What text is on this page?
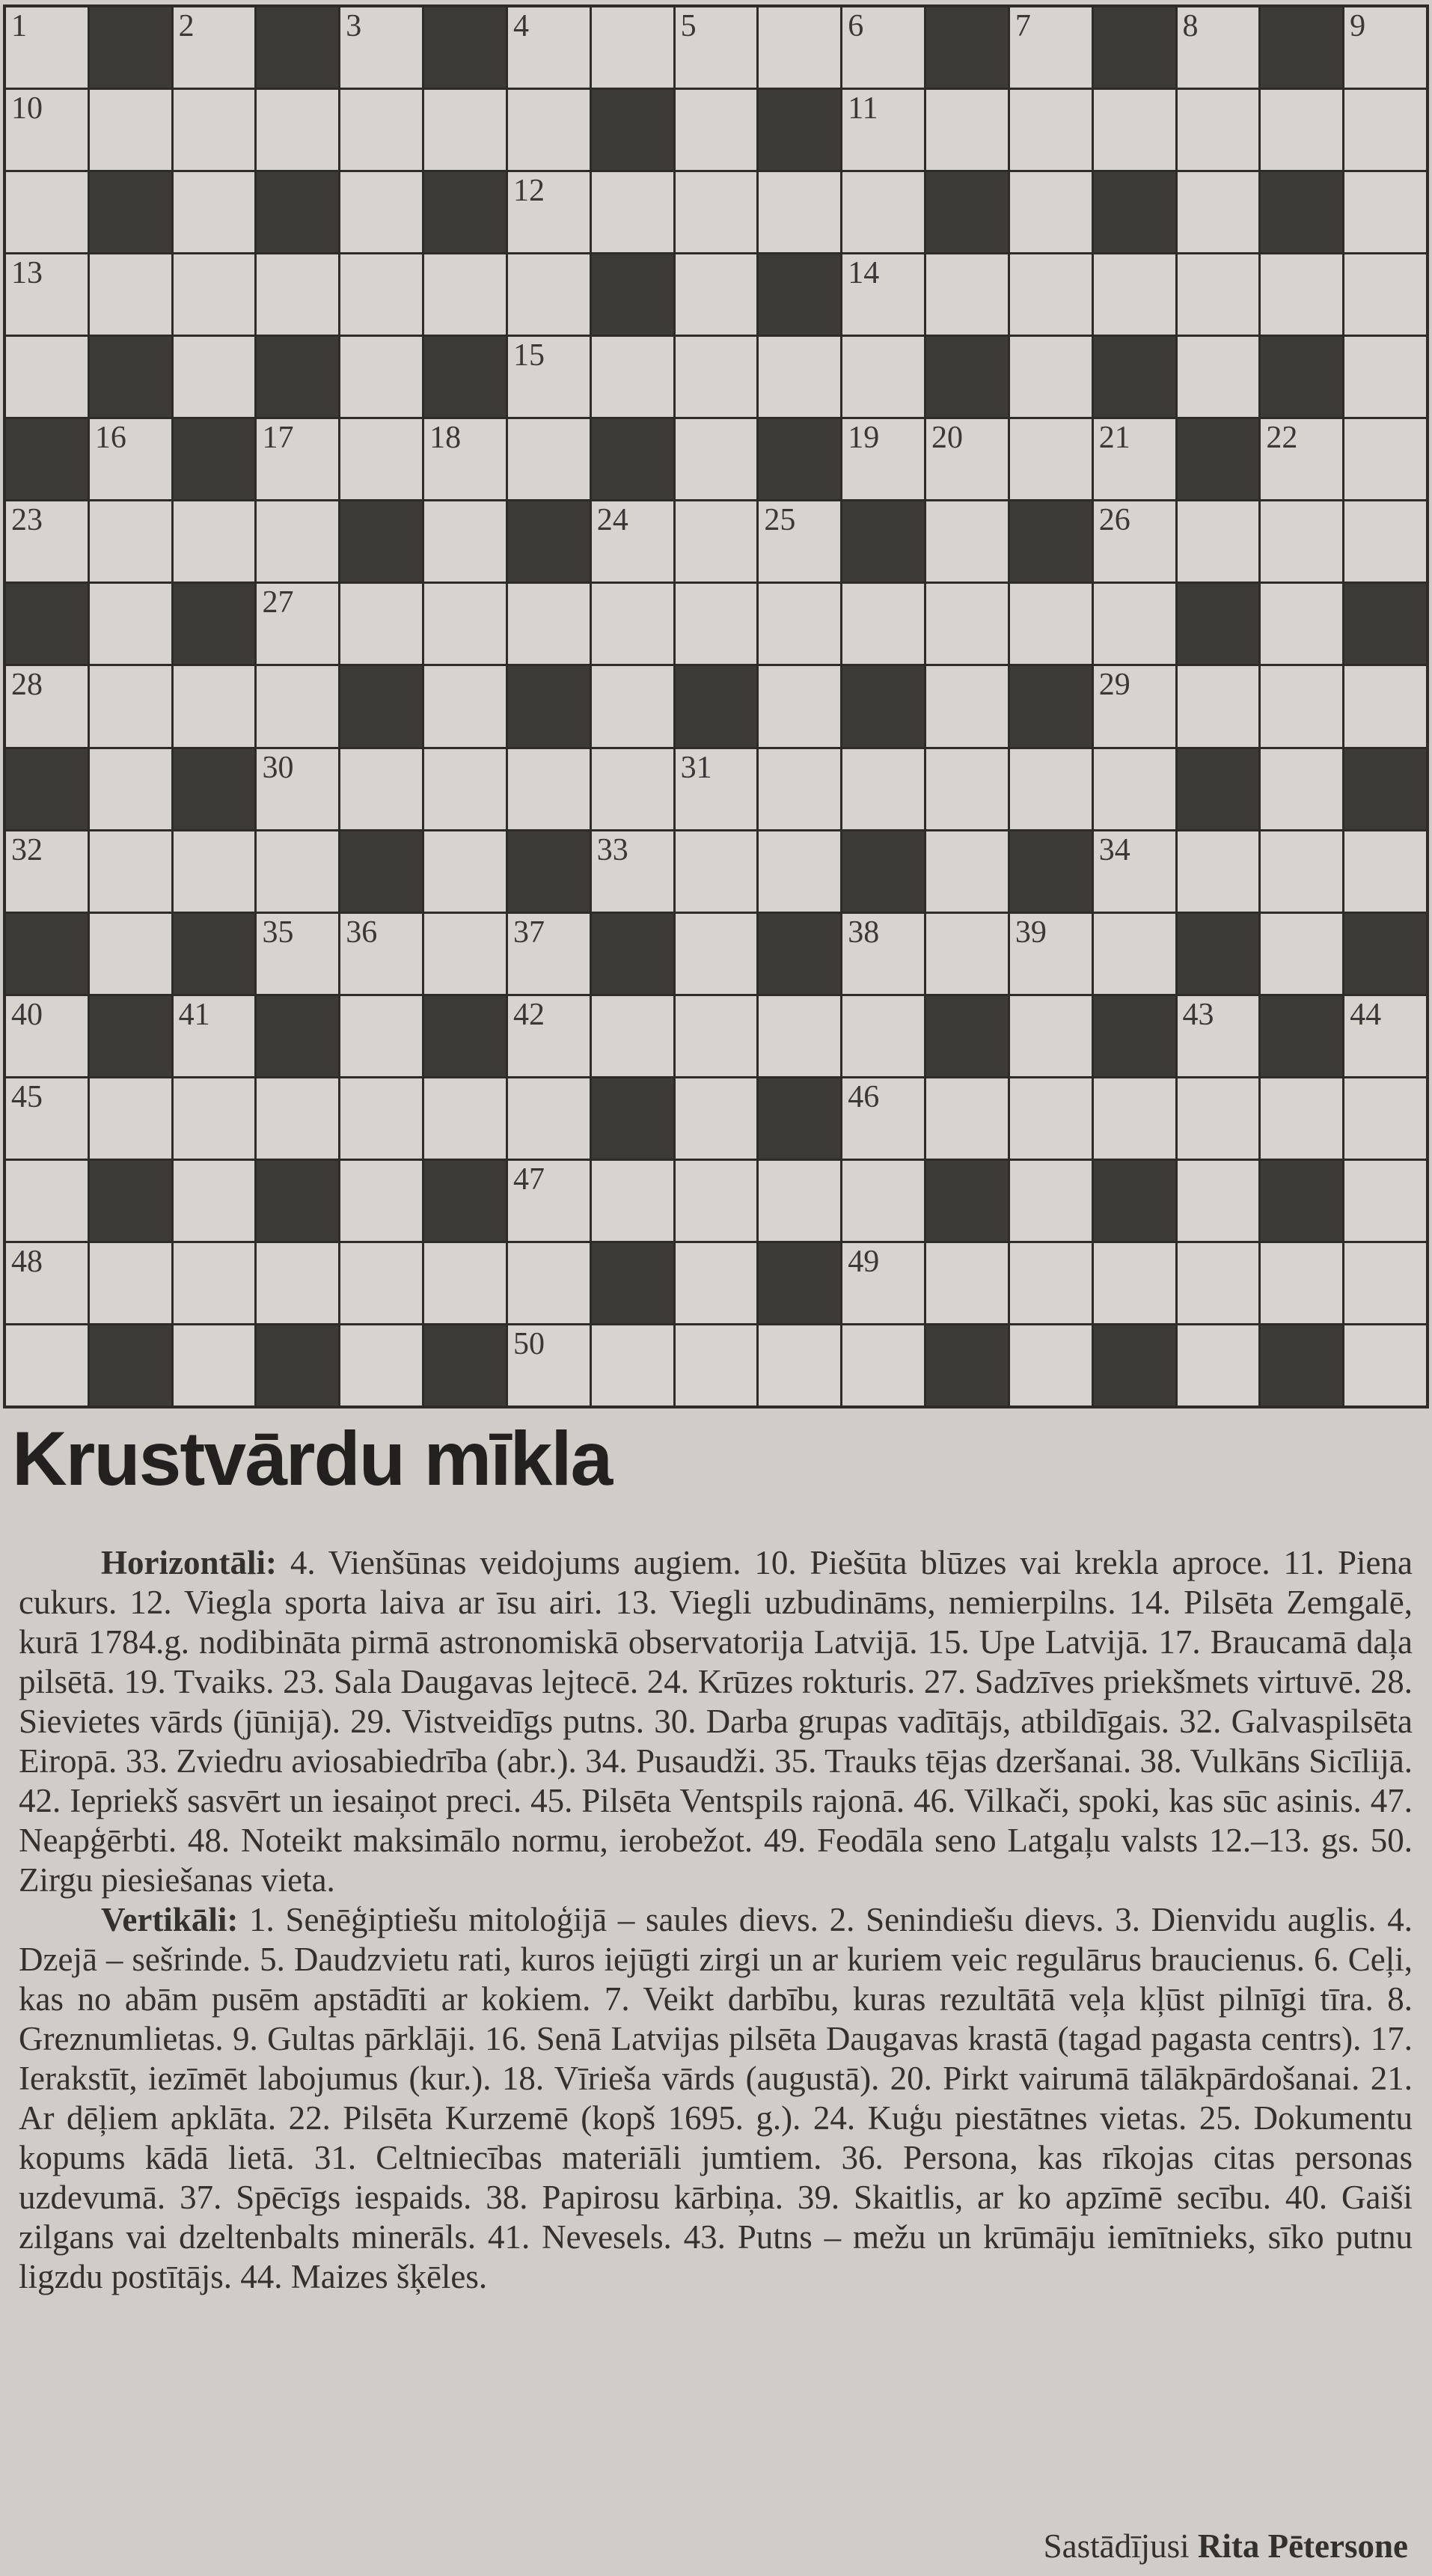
1	2	3	4	5	6	7	8	9
10	11
12
13	14
15
16	17	18	19	20	21	22
23	24	25	26
27
28	29
30	31
32	33	34
35	36	37	38	39
40	41	42	43	44
45	46
47
48	49
50
Krustvārdu mīkla

Horizontāli: 4. Vienšūnas veidojums augiem. 10. Piešūta blūzes vai krekla aproce. 11. Piena cukurs. 12. Viegla sporta laiva ar īsu airi. 13. Viegli uzbudināms, nemierpilns. 14. Pilsēta Zemgalē, kurā 1784.g. nodibināta pirmā astronomiskā observatorija Latvijā. 15. Upe Latvijā. 17. Braucamā daļa pilsētā. 19. Tvaiks. 23. Sala Daugavas lejtecē. 24. Krūzes rokturis. 27. Sadzīves priekšmets virtuvē. 28. Sievietes vārds (jūnijā). 29. Vistveidīgs putns. 30. Darba grupas vadītājs, atbildīgais. 32. Galvaspilsēta Eiropā. 33. Zviedru aviosabiedrība (abr.). 34. Pusaudži. 35. Trauks tējas dzeršanai. 38. Vulkāns Sicīlijā. 42. Iepriekš sasvērt un iesaiņot preci. 45. Pilsēta Ventspils rajonā. 46. Vilkači, spoki, kas sūc asinis. 47. Neapģērbti. 48. Noteikt maksimālo normu, ierobežot. 49. Feodāla seno Latgaļu valsts 12.–13. gs. 50. Zirgu piesiešanas vieta.

Vertikāli: 1. Senēģiptiešu mitoloģijā – saules dievs. 2. Senindiešu dievs. 3. Dienvidu auglis. 4. Dzejā – sešrinde. 5. Daudzvietu rati, kuros iejūgti zirgi un ar kuriem veic regulārus braucienus. 6. Ceļi, kas no abām pusēm apstādīti ar kokiem. 7. Veikt darbību, kuras rezultātā veļa kļūst pilnīgi tīra. 8. Greznumlietas. 9. Gultas pārklāji. 16. Senā Latvijas pilsēta Daugavas krastā (tagad pagasta centrs). 17. Ierakstīt, iezīmēt labojumus (kur.). 18. Vīrieša vārds (augustā). 20. Pirkt vairumā tālākpārdošanai. 21. Ar dēļiem apklāta. 22. Pilsēta Kurzemē (kopš 1695. g.). 24. Kuģu piestātnes vietas. 25. Dokumentu kopums kādā lietā. 31. Celtniecības materiāli jumtiem. 36. Persona, kas rīkojas citas personas uzdevumā. 37. Spēcīgs iespaids. 38. Papirosu kārbiņa. 39. Skaitlis, ar ko apzīmē secību. 40. Gaiši zilgans vai dzeltenbalts minerāls. 41. Nevesels. 43. Putns – mežu un krūmāju iemītnieks, sīko putnu ligzdu postītājs. 44. Maizes šķēles.

Sastādījusi Rita Pētersone
